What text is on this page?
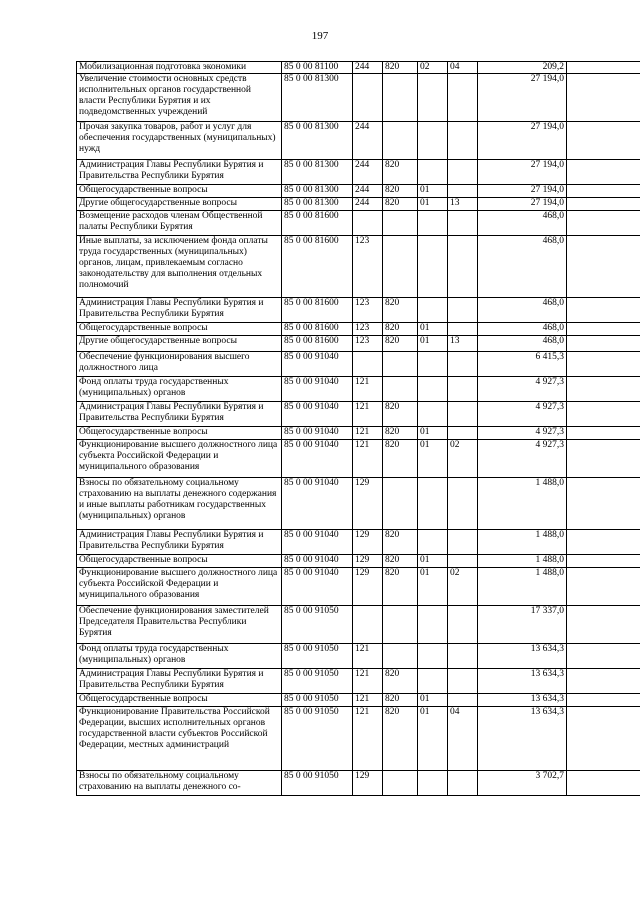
197
Мобилизационная подготовка экономики	85 0 00 81100	244	820	02	04	209,2	
Увеличение стоимости основных средств исполнительных органов государственной власти Республики Бурятия и их подведомственных учреждений	85 0 00 81300					27 194,0	
Прочая закупка товаров, работ и услуг для обеспечения государственных (муниципальных) нужд	85 0 00 81300	244				27 194,0	
Администрация Главы Республики Бурятия и Правительства Республики Бурятия	85 0 00 81300	244	820			27 194,0	
Общегосударственные вопросы	85 0 00 81300	244	820	01		27 194,0	
Другие общегосударственные вопросы	85 0 00 81300	244	820	01	13	27 194,0	
Возмещение расходов членам Общественной палаты Республики Бурятия	85 0 00 81600					468,0	
Иные выплаты, за исключением фонда оплаты труда государственных (муниципальных) органов, лицам, привлекаемым согласно законодательству для выполнения отдельных полномочий	85 0 00 81600	123				468,0	
Администрация Главы Республики Бурятия и Правительства Республики Бурятия	85 0 00 81600	123	820			468,0	
Общегосударственные вопросы	85 0 00 81600	123	820	01		468,0	
Другие общегосударственные вопросы	85 0 00 81600	123	820	01	13	468,0	
Обеспечение функционирования высшего должностного лица	85 0 00 91040					6 415,3	
Фонд оплаты труда государственных (муниципальных) органов	85 0 00 91040	121				4 927,3	
Администрация Главы Республики Бурятия и Правительства Республики Бурятия	85 0 00 91040	121	820			4 927,3	
Общегосударственные вопросы	85 0 00 91040	121	820	01		4 927,3	
Функционирование высшего должностного лица субъекта Российской Федерации и муниципального образования	85 0 00 91040	121	820	01	02	4 927,3	
Взносы по обязательному социальному страхованию на выплаты денежного содержания и иные выплаты работникам государственных (муниципальных) органов	85 0 00 91040	129				1 488,0	
Администрация Главы Республики Бурятия и Правительства Республики Бурятия	85 0 00 91040	129	820			1 488,0	
Общегосударственные вопросы	85 0 00 91040	129	820	01		1 488,0	
Функционирование высшего должностного лица субъекта Российской Федерации и муниципального образования	85 0 00 91040	129	820	01	02	1 488,0	
Обеспечение функционирования заместителей Председателя Правительства Республики Бурятия	85 0 00 91050					17 337,0	
Фонд оплаты труда государственных (муниципальных) органов	85 0 00 91050	121				13 634,3	
Администрация Главы Республики Бурятия и Правительства Республики Бурятия	85 0 00 91050	121	820			13 634,3	
Общегосударственные вопросы	85 0 00 91050	121	820	01		13 634,3	
Функционирование Правительства Российской Федерации, высших исполнительных органов государственной власти субъектов Российской Федерации, местных администраций	85 0 00 91050	121	820	01	04	13 634,3	
Взносы по обязательному социальному страхованию на выплаты денежного со-	85 0 00 91050	129				3 702,7	
